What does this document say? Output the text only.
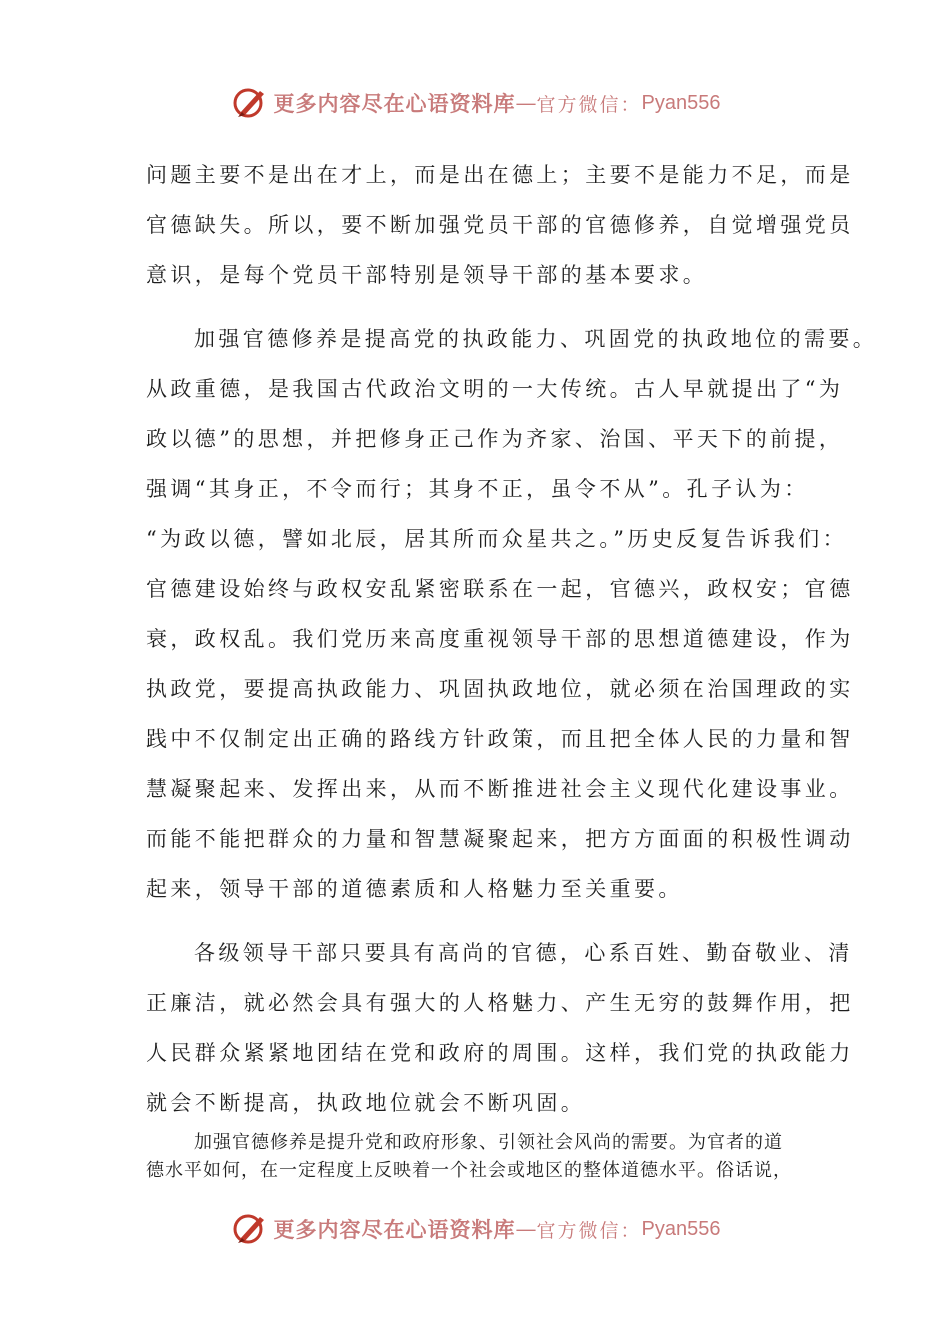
更多内容尽在心语资料库 — 官方微信： Pyan556

问题主要不是出在才上，而是出在德上；主要不是能力不足，而是
官德缺失。所以，要不断加强党员干部的官德修养，自觉增强党员
意识，是每个党员干部特别是领导干部的基本要求。

加强官德修养是提高党的执政能力、巩固党的执政地位的需要。
从政重德，是我国古代政治文明的一大传统。古人早就提出了“为
政以德”的思想，并把修身正己作为齐家、治国、平天下的前提，
强调“其身正，不令而行；其身不正，虽令不从”。孔子认为：
“为政以德，譬如北辰，居其所而众星共之。”历史反复告诉我们：
官德建设始终与政权安乱紧密联系在一起，官德兴，政权安；官德
衰，政权乱。我们党历来高度重视领导干部的思想道德建设，作为
执政党，要提高执政能力、巩固执政地位，就必须在治国理政的实
践中不仅制定出正确的路线方针政策，而且把全体人民的力量和智
慧凝聚起来、发挥出来，从而不断推进社会主义现代化建设事业。
而能不能把群众的力量和智慧凝聚起来，把方方面面的积极性调动
起来，领导干部的道德素质和人格魅力至关重要。

各级领导干部只要具有高尚的官德，心系百姓、勤奋敬业、清
正廉洁，就必然会具有强大的人格魅力、产生无穷的鼓舞作用，把
人民群众紧紧地团结在党和政府的周围。这样，我们党的执政能力
就会不断提高，执政地位就会不断巩固。

加强官德修养是提升党和政府形象、引领社会风尚的需要。为官者的道
德水平如何，在一定程度上反映着一个社会或地区的整体道德水平。俗话说，

更多内容尽在心语资料库 — 官方微信： Pyan556
